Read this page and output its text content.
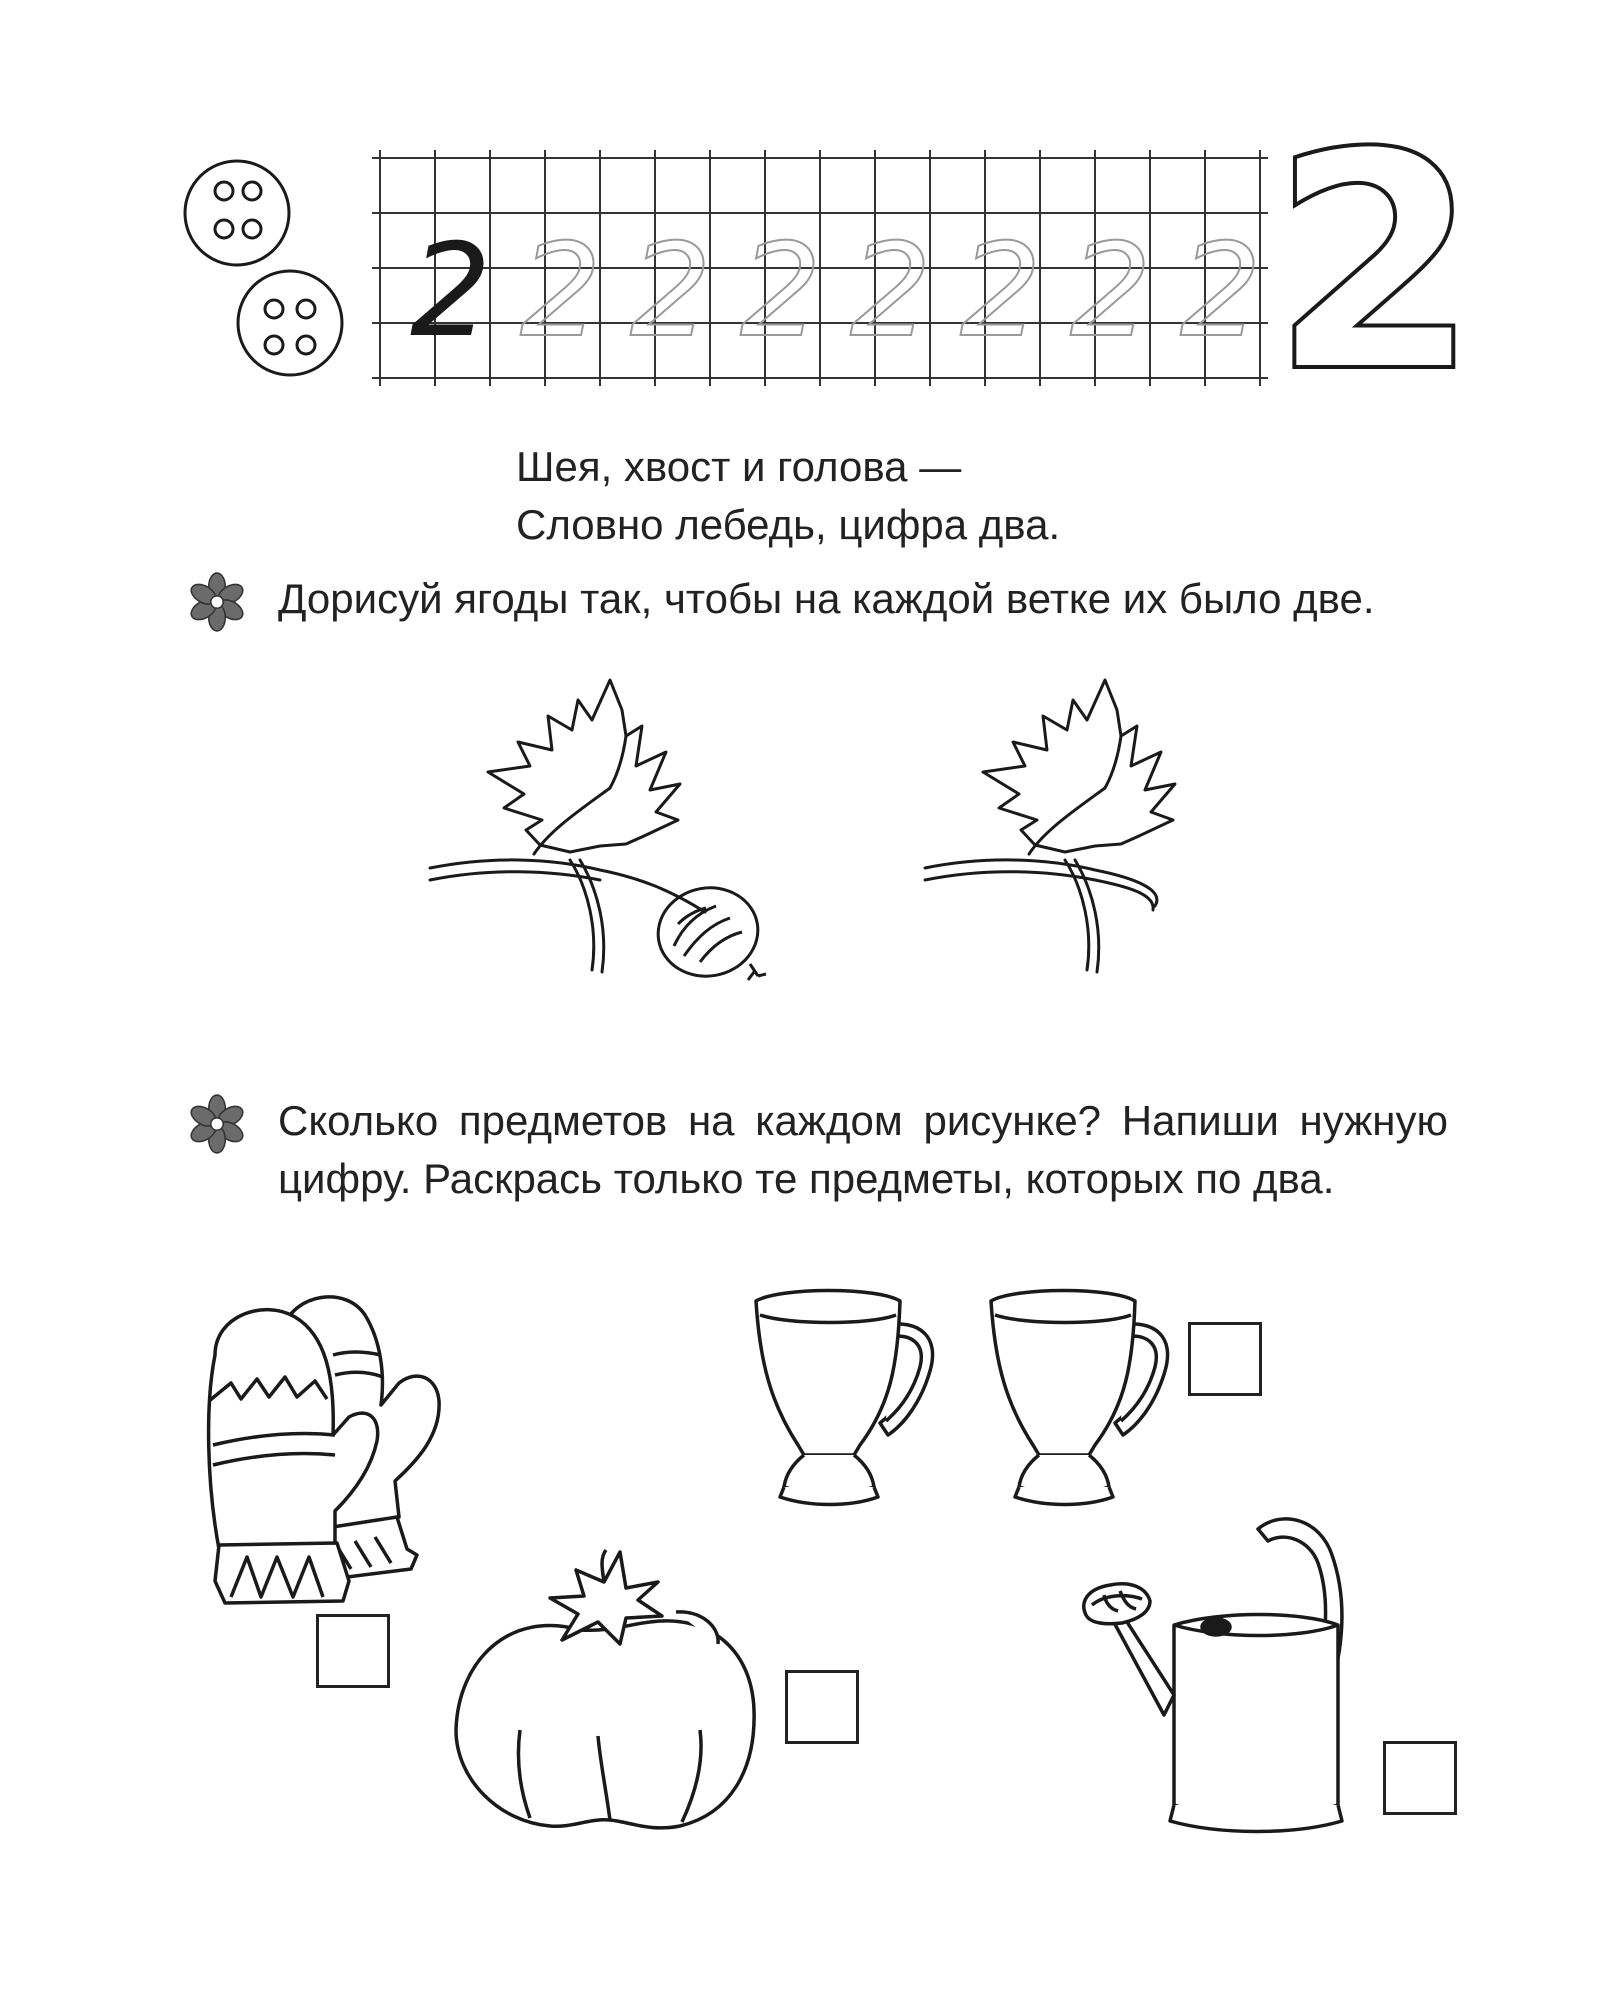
2 2 2 2 2 2 2 2 2
Шея, хвост и голова —
Словно лебедь, цифра два.
Дорисуй ягоды так, чтобы на каждой ветке их было две.
Сколько предметов на каждом рисунке? Напиши нужную цифру. Раскрась только те предметы, которых по два.
